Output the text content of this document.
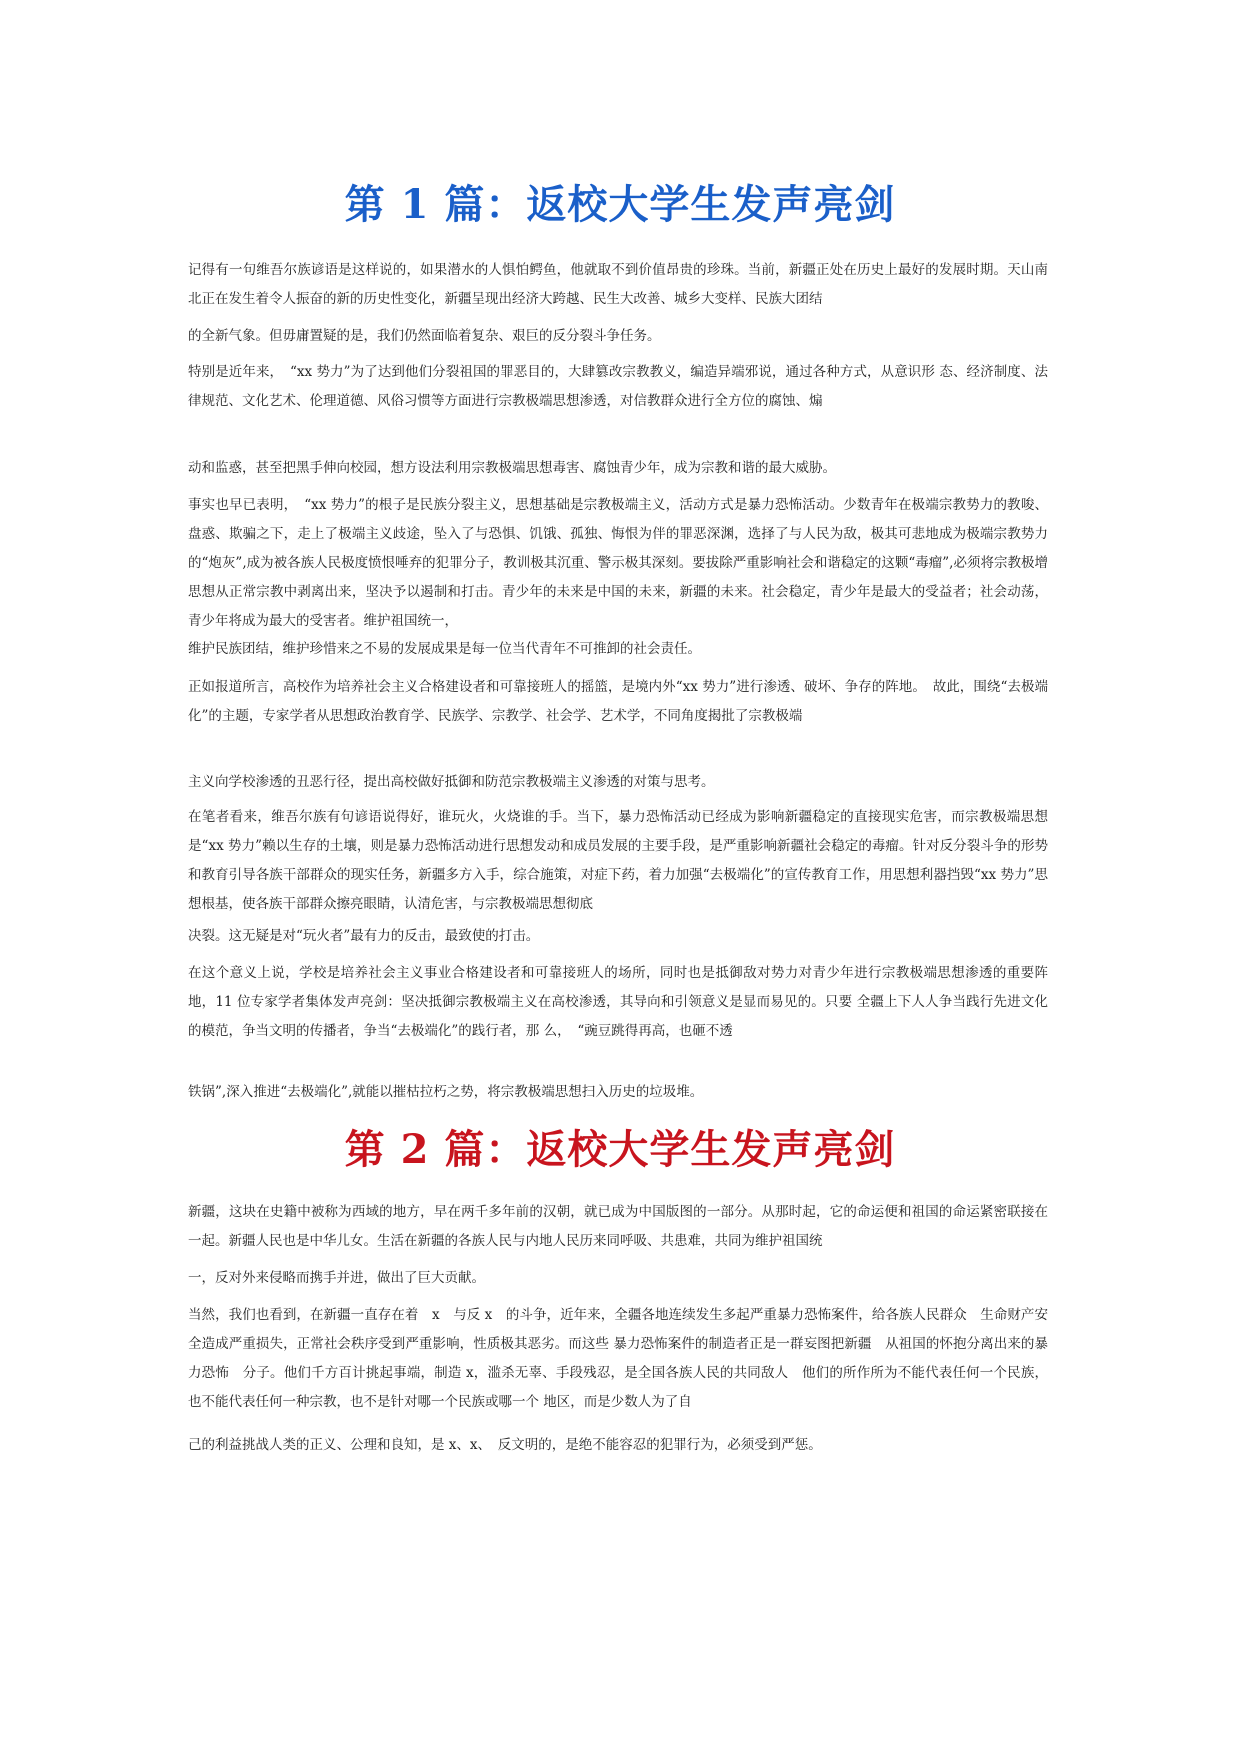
第 1 篇：返校大学生发声亮剑

记得有一句维吾尔族谚语是这样说的，如果潜水的人惧怕鳄鱼，他就取不到价值昂贵的珍珠。当前，新疆正处在历史上最好的发展时期。天山南北正在发生着令人振奋的新的历史性变化，新疆呈现出经济大跨越、民生大改善、城乡大变样、民族大团结

的全新气象。但毋庸置疑的是，我们仍然面临着复杂、艰巨的反分裂斗争任务。

特别是近年来，　“xx 势力”为了达到他们分裂祖国的罪恶目的，大肆篡改宗教教义，编造异端邪说，通过各种方式，从意识形 态、经济制度、法律规范、文化艺术、伦理道德、风俗习惯等方面进行宗教极端思想渗透，对信教群众进行全方位的腐蚀、煽

动和监惑，甚至把黑手伸向校园，想方设法利用宗教极端思想毒害、腐蚀青少年，成为宗教和谐的最大威胁。

事实也早已表明，　“xx 势力”的根子是民族分裂主义，思想基础是宗教极端主义，活动方式是暴力恐怖活动。少数青年在极端宗教势力的教唆、盘惑、欺骗之下，走上了极端主义歧途，坠入了与恐惧、饥饿、孤独、悔恨为伴的罪恶深渊，选择了与人民为敌，极其可悲地成为极端宗教势力的“炮灰”,成为被各族人民极度愤恨唾弃的犯罪分子，教训极其沉重、警示极其深刻。要拔除严重影响社会和谐稳定的这颗“毒瘤”,必须将宗教极增思想从正常宗教中剥离出来，坚决予以遏制和打击。青少年的未来是中国的未来，新疆的未来。社会稳定，青少年是最大的受益者；社会动荡，青少年将成为最大的受害者。维护祖国统一，

维护民族团结，维护珍惜来之不易的发展成果是每一位当代青年不可推卸的社会责任。

正如报道所言，高校作为培养社会主义合格建设者和可靠接班人的摇篮，是境内外“xx 势力”进行渗透、破坏、争存的阵地。　故此，围绕“去极端化”的主题，专家学者从思想政治教育学、民族学、宗教学、社会学、艺术学，不同角度揭批了宗教极端

主义向学校渗透的丑恶行径，提出高校做好抵御和防范宗教极端主义渗透的对策与思考。

在笔者看来，维吾尔族有句谚语说得好，谁玩火，火烧谁的手。当下，暴力恐怖活动已经成为影响新疆稳定的直接现实危害，而宗教极端思想是“xx 势力”赖以生存的土壤，则是暴力恐怖活动进行思想发动和成员发展的主要手段，是严重影响新疆社会稳定的毒瘤。针对反分裂斗争的形势和教育引导各族干部群众的现实任务，新疆多方入手，综合施策，对症下药，着力加强“去极端化”的宣传教育工作，用思想利器挡毁“xx 势力”思想根基，使各族干部群众擦亮眼睛，认清危害，与宗教极端思想彻底

决裂。这无疑是对“玩火者”最有力的反击，最致使的打击。

在这个意义上说，学校是培养社会主义事业合格建设者和可靠接班人的场所，同时也是抵御敌对势力对青少年进行宗教极端思想渗透的重要阵地，11 位专家学者集体发声亮剑：坚决抵御宗教极端主义在高校渗透，其导向和引领意义是显而易见的。只要 全疆上下人人争当践行先进文化的模范，争当文明的传播者，争当“去极端化”的践行者，那 么，　“豌豆跳得再高，也砸不透

铁锅”,深入推进“去极端化”,就能以摧枯拉朽之势，将宗教极端思想扫入历史的垃圾堆。

第 2 篇：返校大学生发声亮剑

新疆，这块在史籍中被称为西域的地方，早在两千多年前的汉朝，就已成为中国版图的一部分。从那时起，它的命运便和祖国的命运紧密联接在一起。新疆人民也是中华儿女。生活在新疆的各族人民与内地人民历来同呼吸、共患难，共同为维护祖国统

一，反对外来侵略而携手并进，做出了巨大贡献。

当然，我们也看到，在新疆一直存在着　x　与反 x　的斗争，近年来，全疆各地连续发生多起严重暴力恐怖案件，给各族人民群众　生命财产安全造成严重损失，正常社会秩序受到严重影响，性质极其恶劣。而这些 暴力恐怖案件的制造者正是一群妄图把新疆　从祖国的怀抱分离出来的暴力恐怖　分子。他们千方百计挑起事端，制造 x，滥杀无辜、手段残忍，是全国各族人民的共同敌人　他们的所作所为不能代表任何一个民族，也不能代表任何一种宗教，也不是针对哪一个民族或哪一个 地区，而是少数人为了自

己的利益挑战人类的正义、公理和良知，是 x、x、　反文明的，是绝不能容忍的犯罪行为，必须受到严惩。
